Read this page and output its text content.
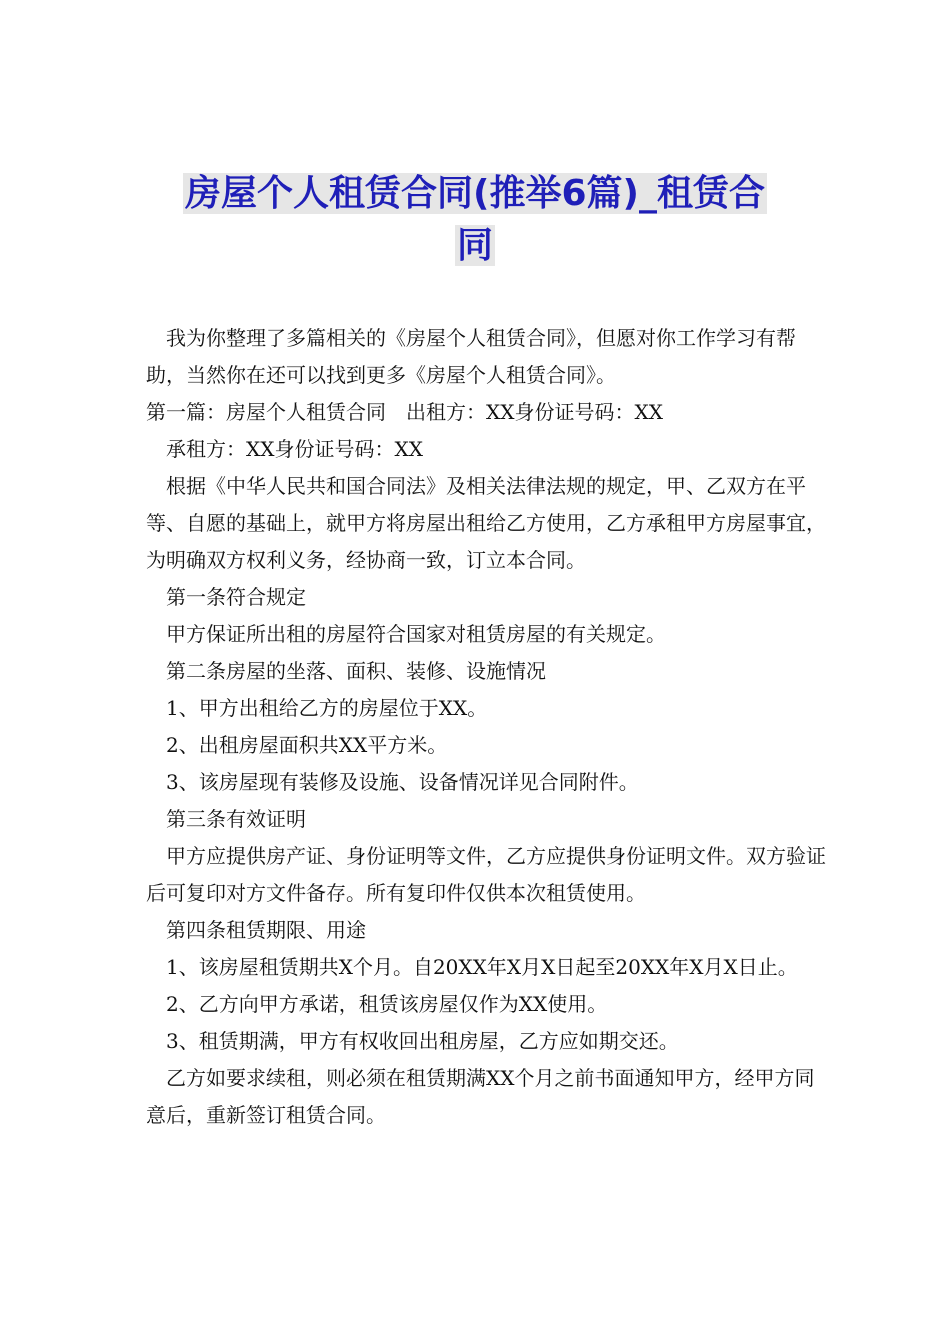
房屋个人租赁合同(推举6篇)_租赁合
同

我为你整理了多篇相关的《房屋个人租赁合同》，但愿对你工作学习有帮助，当然你在还可以找到更多《房屋个人租赁合同》。

第一篇：房屋个人租赁合同　出租方：XX身份证号码：XX

承租方：XX身份证号码：XX

根据《中华人民共和国合同法》及相关法律法规的规定，甲、乙双方在平等、自愿的基础上，就甲方将房屋出租给乙方使用，乙方承租甲方房屋事宜，为明确双方权利义务，经协商一致，订立本合同。

第一条符合规定

甲方保证所出租的房屋符合国家对租赁房屋的有关规定。

第二条房屋的坐落、面积、装修、设施情况

1、甲方出租给乙方的房屋位于XX。

2、出租房屋面积共XX平方米。

3、该房屋现有装修及设施、设备情况详见合同附件。

第三条有效证明

甲方应提供房产证、身份证明等文件，乙方应提供身份证明文件。双方验证后可复印对方文件备存。所有复印件仅供本次租赁使用。

第四条租赁期限、用途

1、该房屋租赁期共X个月。自20XX年X月X日起至20XX年X月X日止。

2、乙方向甲方承诺，租赁该房屋仅作为XX使用。

3、租赁期满，甲方有权收回出租房屋，乙方应如期交还。

乙方如要求续租，则必须在租赁期满XX个月之前书面通知甲方，经甲方同意后，重新签订租赁合同。
